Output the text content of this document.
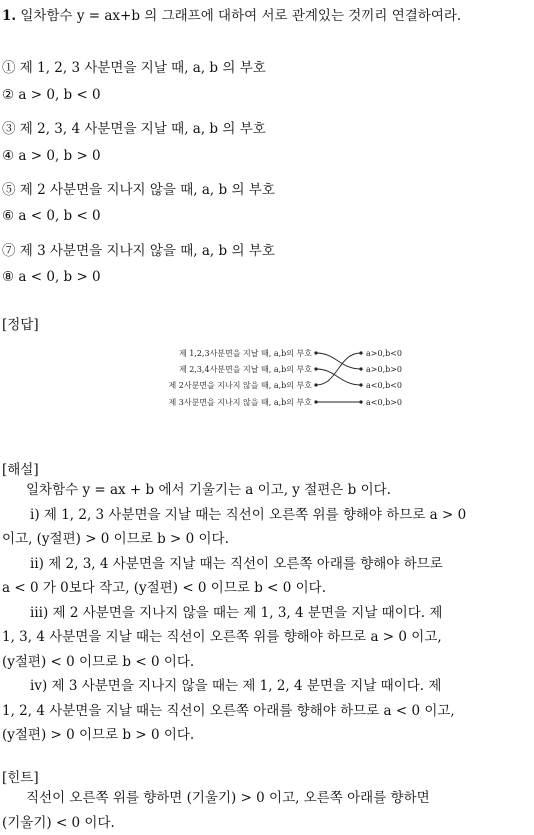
1. 일차함수 y = ax+b 의 그래프에 대하여 서로 관계있는 것끼리 연결하여라.
① 제 1, 2, 3 사분면을 지날 때, a, b 의 부호
② a > 0, b < 0
③ 제 2, 3, 4 사분면을 지날 때, a, b 의 부호
④ a > 0, b > 0
⑤ 제 2 사분면을 지나지 않을 때, a, b 의 부호
⑥ a < 0, b < 0
⑦ 제 3 사분면을 지나지 않을 때, a, b 의 부호
⑧ a < 0, b > 0
[정답]
제 1,2,3사분면을 지날 때, a,b의 부호
제 2,3,4사분면을 지날 때, a,b의 부호
제 2사분면을 지나지 않을 때, a,b의 부호
제 3사분면을 지나지 않을 때, a,b의 부호
a>0,b<0
a>0,b>0
a<0,b<0
a<0,b>0
[해설]
일차함수 y = ax + b 에서 기울기는 a 이고, y 절편은 b 이다.
ⅰ) 제 1, 2, 3 사분면을 지날 때는 직선이 오른쪽 위를 향해야 하므로 a > 0
이고, (y절편) > 0 이므로 b > 0 이다.
ⅱ) 제 2, 3, 4 사분면을 지날 때는 직선이 오른쪽 아래를 향해야 하므로
a < 0 가 0보다 작고, (y절편) < 0 이므로 b < 0 이다.
ⅲ) 제 2 사분면을 지나지 않을 때는 제 1, 3, 4 분면을 지날 때이다. 제
1, 3, 4 사분면을 지날 때는 직선이 오른쪽 위를 향해야 하므로 a > 0 이고,
(y절편) < 0 이므로 b < 0 이다.
ⅳ) 제 3 사분면을 지나지 않을 때는 제 1, 2, 4 분면을 지날 때이다. 제
1, 2, 4 사분면을 지날 때는 직선이 오른쪽 아래를 향해야 하므로 a < 0 이고,
(y절편) > 0 이므로 b > 0 이다.
[힌트]
직선이 오른쪽 위를 향하면 (기울기) > 0 이고, 오른쪽 아래를 향하면
(기울기) < 0 이다.
